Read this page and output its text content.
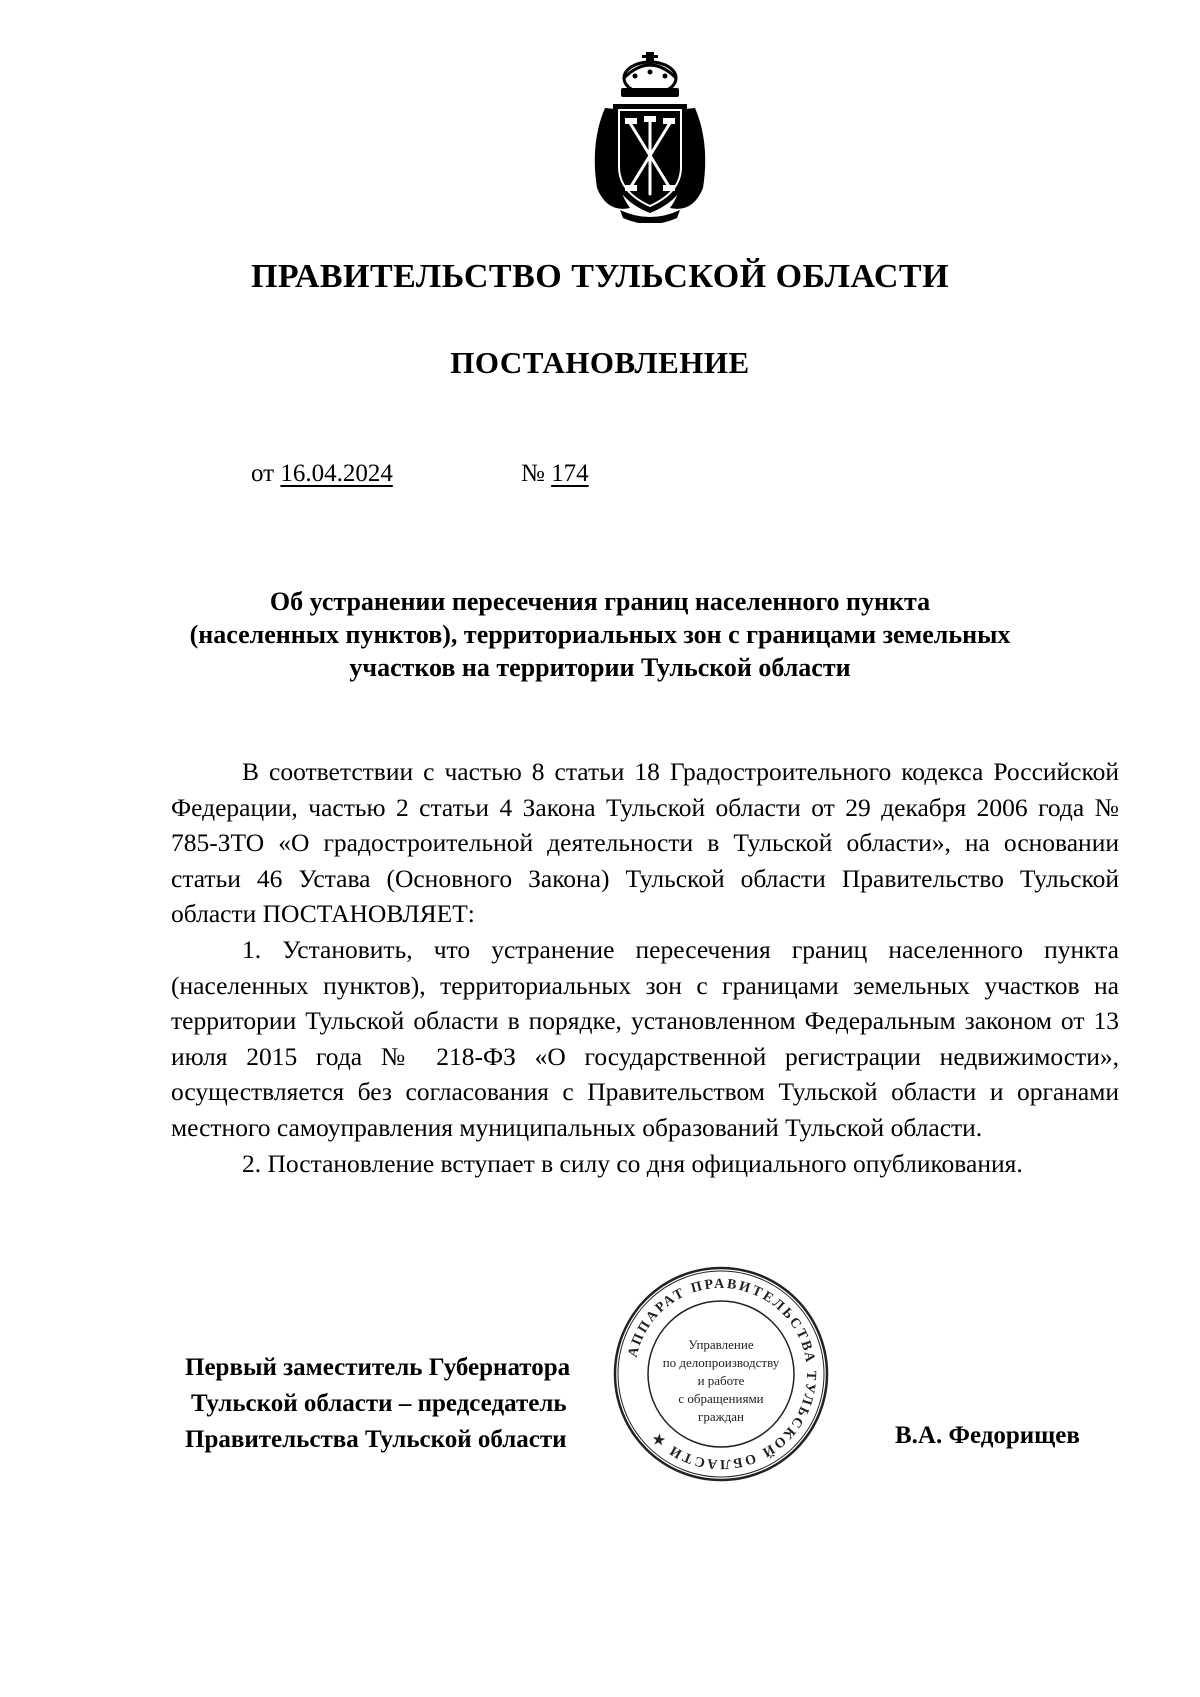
ПРАВИТЕЛЬСТВО ТУЛЬСКОЙ ОБЛАСТИ
ПОСТАНОВЛЕНИЕ
от 16.04.2024	№ 174
Об устранении пересечения границ населенного пункта
(населенных пунктов), территориальных зон с границами земельных
участков на территории Тульской области

В соответствии с частью 8 статьи 18 Градостроительного кодекса Российской Федерации, частью 2 статьи 4 Закона Тульской области от 29 декабря 2006 года № 785-ЗТО «О градостроительной деятельности в Тульской области», на основании статьи 46 Устава (Основного Закона) Тульской области Правительство Тульской области ПОСТАНОВЛЯЕТ:

1. Установить, что устранение пересечения границ населенного пункта (населенных пунктов), территориальных зон с границами земельных участков на территории Тульской области в порядке, установленном Федеральным законом от 13 июля 2015 года № 218-ФЗ «О государственной регистрации недвижимости», осуществляется без согласования с Правительством Тульской области и органами местного самоуправления муниципальных образований Тульской области.

2. Постановление вступает в силу со дня официального опубликования.

Первый заместитель Губернатора
Тульской области – председатель
Правительства Тульской области
АППАРАТ ПРАВИТЕЛЬСТВА ТУЛЬСКОЙ ОБЛАСТИ ★
Управление
по делопроизводству
и работе
с обращениями
граждан
В.А. Федорищев
